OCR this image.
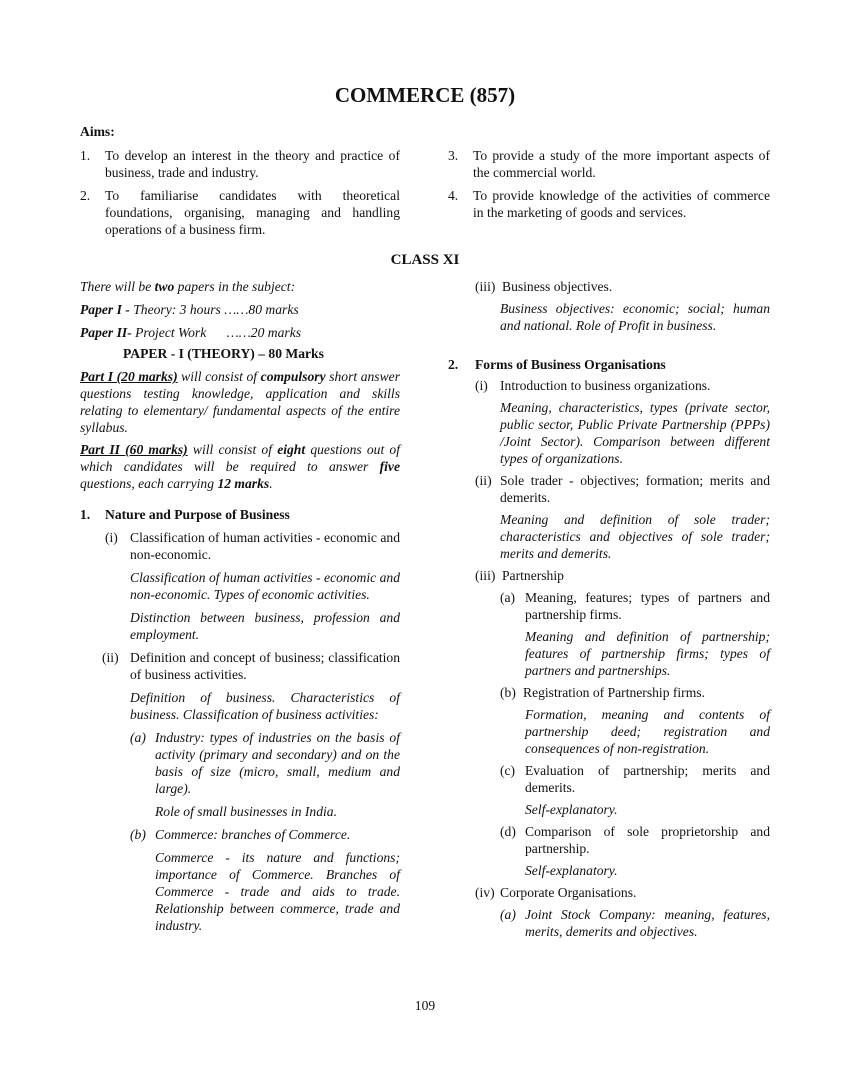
COMMERCE (857)
Aims:
1.	To develop an interest in the theory and practice of business, trade and industry.
2.	To familiarise candidates with theoretical foundations, organising, managing and handling operations of a business firm.
3.	To provide a study of the more important aspects of the commercial world.
4.	To provide knowledge of the activities of commerce in the marketing of goods and services.
CLASS XI

There will be two papers in the subject:

Paper I - Theory: 3 hours ……80 marks

Paper II- Project Work      ……20 marks

PAPER - I (THEORY) – 80 Marks

Part I (20 marks) will consist of compulsory short answer questions testing knowledge, application and skills relating to elementary/ fundamental aspects of the entire syllabus.

Part II (60 marks) will consist of eight questions out of which candidates will be required to answer five questions, each carrying 12 marks.

1.	Nature and Purpose of Business
(i) Classification of human activities - economic and non-economic.

Classification of human activities - economic and non-economic. Types of economic activities.

Distinction between business, profession and employment.

(ii) Definition and concept of business; classification of business activities.

Definition of business. Characteristics of business. Classification of business activities:

(a) Industry: types of industries on the basis of activity (primary and secondary) and on the basis of size (micro, small, medium and large).

Role of small businesses in India.

(b) Commerce: branches of Commerce.

Commerce - its nature and functions; importance of Commerce. Branches of Commerce - trade and aids to trade. Relationship between commerce, trade and industry.

(iii) Business objectives.

Business objectives: economic; social; human and national. Role of Profit in business.

2.	Forms of Business Organisations
(i) Introduction to business organizations.

Meaning, characteristics, types (private sector, public sector, Public Private Partnership (PPPs) /Joint Sector). Comparison between different types of organizations.

(ii) Sole trader - objectives; formation; merits and demerits.

Meaning and definition of sole trader; characteristics and objectives of sole trader; merits and demerits.

(iii) Partnership
(a) Meaning, features; types of partners and partnership firms.

Meaning and definition of partnership; features of partnership firms; types of partners and partnerships.

(b) Registration of Partnership firms.

Formation, meaning and contents of partnership deed; registration and consequences of non-registration.

(c) Evaluation of partnership; merits and demerits.

Self-explanatory.

(d) Comparison of sole proprietorship and partnership.

Self-explanatory.

(iv) Corporate Organisations.
(a) Joint Stock Company: meaning, features, merits, demerits and objectives.
109
